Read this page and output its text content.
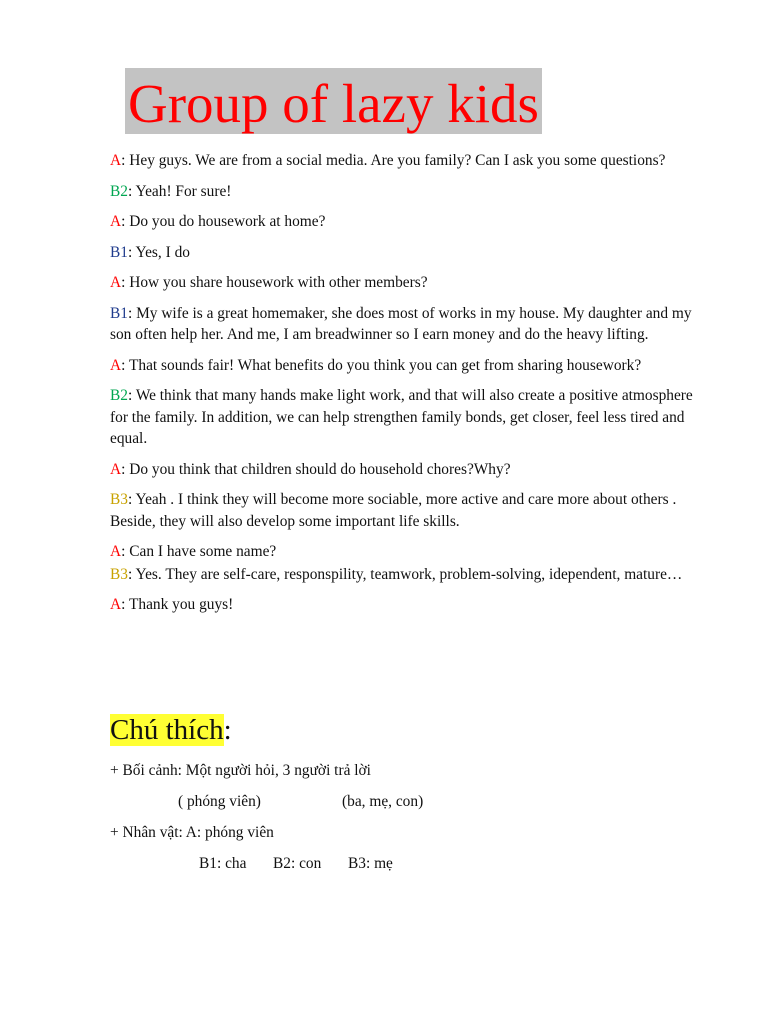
Group of lazy kids

A: Hey guys. We are from a social media. Are you family? Can I ask you some questions?

B2: Yeah! For sure!

A: Do you do housework at home?

B1: Yes, I do

A: How you share housework with other members?

B1: My wife is a great homemaker, she does most of works in my house. My daughter and my son often help her. And me, I am breadwinner so I earn money and do the heavy lifting.

A: That sounds fair! What benefits do you think you can get from sharing housework?

B2: We think that many hands make light work, and that will also create a positive atmosphere for the family. In addition, we can help strengthen family bonds, get closer, feel less tired and equal.

A: Do you think that children should do household chores?Why?

B3: Yeah . I think they will become more sociable, more active and care more about others . Beside, they will also develop some important life skills.

A: Can I have some name?

B3: Yes. They are self-care, responspility, teamwork, problem-solving, idependent, mature…

A: Thank you guys!

Chú thích:
+ Bối cảnh: Một người hỏi, 3 người trả lời
( phóng viên)	(ba, mẹ, con)
+ Nhân vật: A: phóng viên
B1: cha B2: con B3: mẹ
